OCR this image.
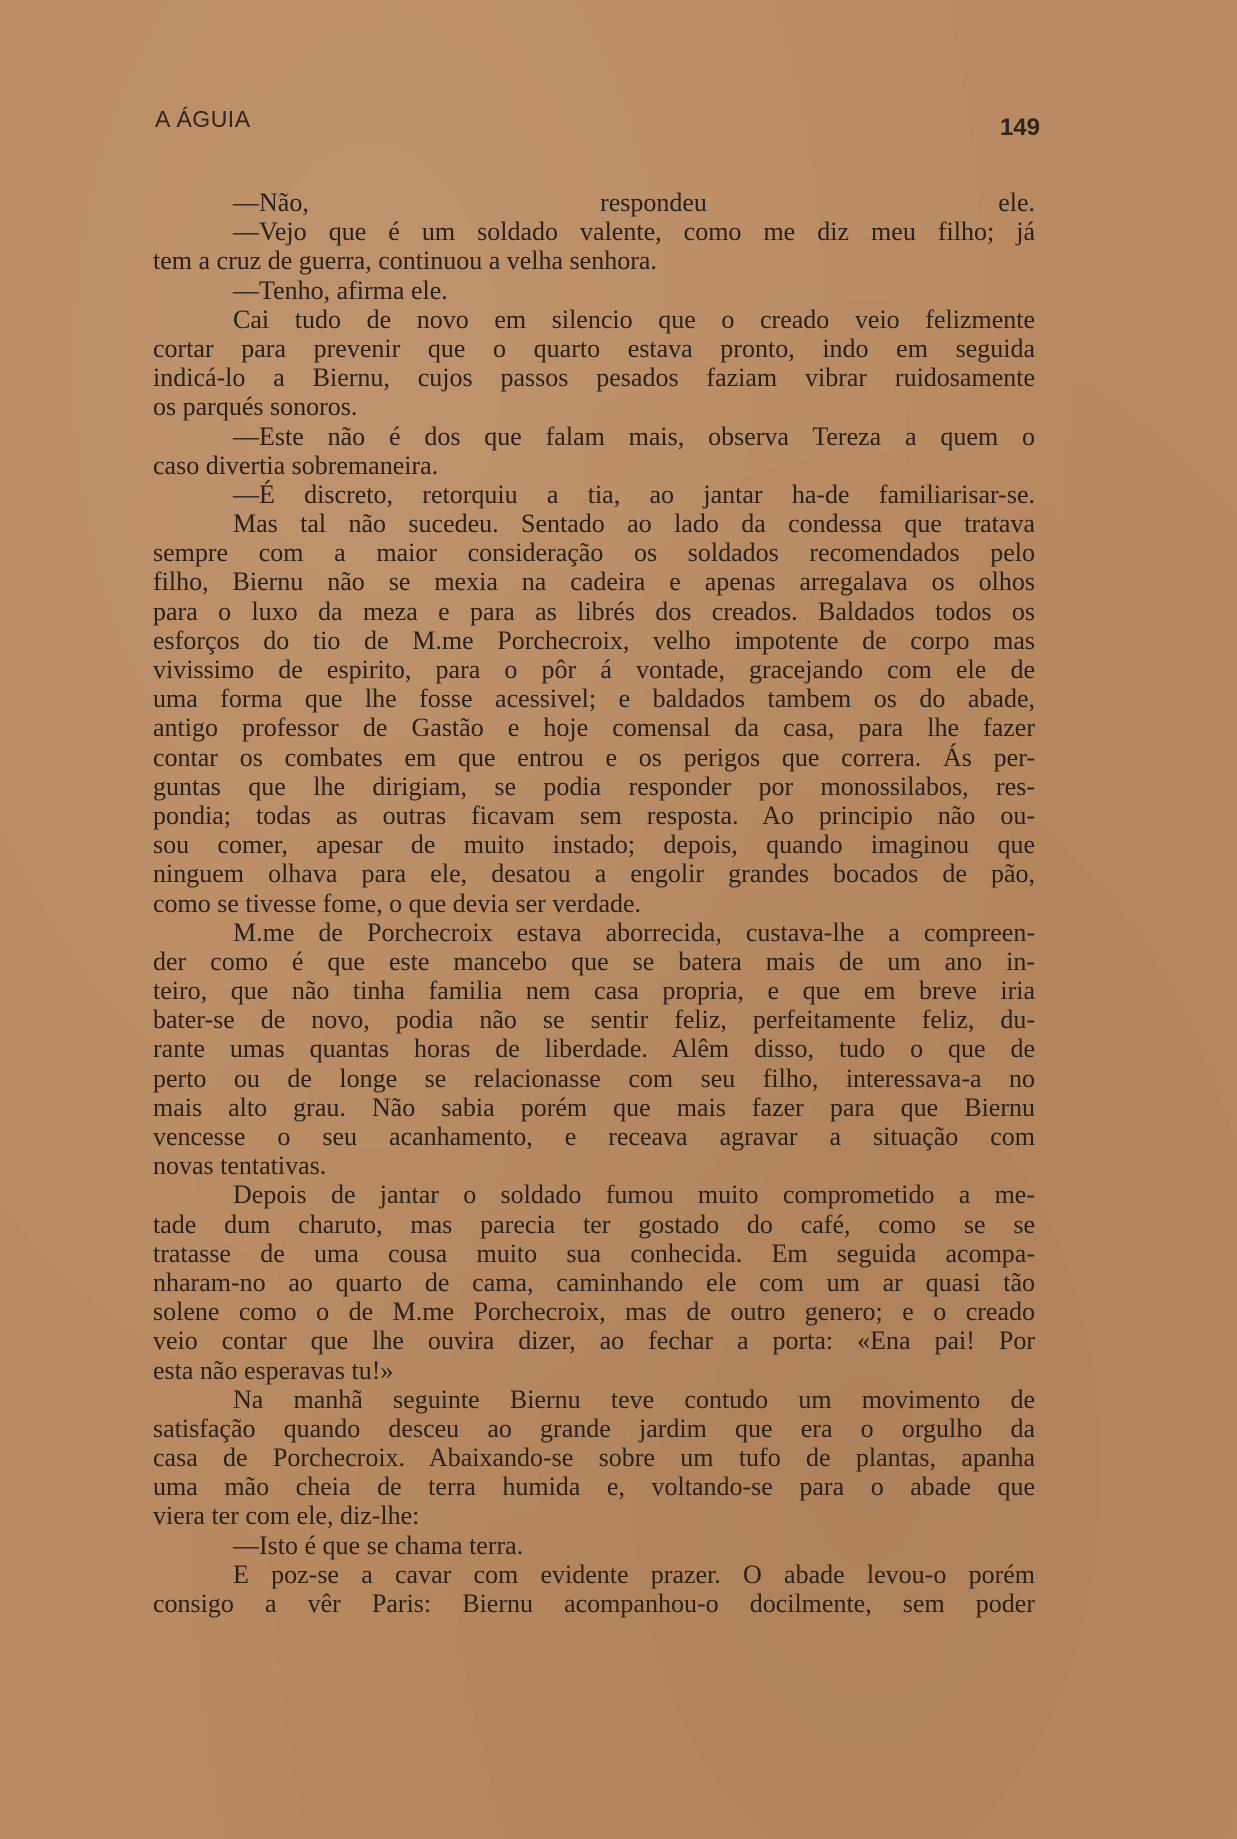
A ÁGUIA	149
—Não, respondeu ele.
—Vejo que é um soldado valente, como me diz meu filho; já
tem a cruz de guerra, continuou a velha senhora.
—Tenho, afirma ele.
Cai tudo de novo em silencio que o creado veio felizmente
cortar para prevenir que o quarto estava pronto, indo em seguida
indicá-lo a Biernu, cujos passos pesados faziam vibrar ruidosamente
os parqués sonoros.
—Este não é dos que falam mais, observa Tereza a quem o
caso divertia sobremaneira.
—É discreto, retorquiu a tia, ao jantar ha-de familiarisar-se.
Mas tal não sucedeu. Sentado ao lado da condessa que tratava
sempre com a maior consideração os soldados recomendados pelo
filho, Biernu não se mexia na cadeira e apenas arregalava os olhos
para o luxo da meza e para as librés dos creados. Baldados todos os
esforços do tio de M.me Porchecroix, velho impotente de corpo mas
vivissimo de espirito, para o pôr á vontade, gracejando com ele de
uma forma que lhe fosse acessivel; e baldados tambem os do abade,
antigo professor de Gastão e hoje comensal da casa, para lhe fazer
contar os combates em que entrou e os perigos que correra. Ás per-
guntas que lhe dirigiam, se podia responder por monossilabos, res-
pondia; todas as outras ficavam sem resposta. Ao principio não ou-
sou comer, apesar de muito instado; depois, quando imaginou que
ninguem olhava para ele, desatou a engolir grandes bocados de pão,
como se tivesse fome, o que devia ser verdade.
M.me de Porchecroix estava aborrecida, custava-lhe a compreen-
der como é que este mancebo que se batera mais de um ano in-
teiro, que não tinha familia nem casa propria, e que em breve iria
bater-se de novo, podia não se sentir feliz, perfeitamente feliz, du-
rante umas quantas horas de liberdade. Alêm disso, tudo o que de
perto ou de longe se relacionasse com seu filho, interessava-a no
mais alto grau. Não sabia porém que mais fazer para que Biernu
vencesse o seu acanhamento, e receava agravar a situação com
novas tentativas.
Depois de jantar o soldado fumou muito comprometido a me-
tade dum charuto, mas parecia ter gostado do café, como se se
tratasse de uma cousa muito sua conhecida. Em seguida acompa-
nharam-no ao quarto de cama, caminhando ele com um ar quasi tão
solene como o de M.me Porchecroix, mas de outro genero; e o creado
veio contar que lhe ouvira dizer, ao fechar a porta: «Ena pai! Por
esta não esperavas tu!»
Na manhã seguinte Biernu teve contudo um movimento de
satisfação quando desceu ao grande jardim que era o orgulho da
casa de Porchecroix. Abaixando-se sobre um tufo de plantas, apanha
uma mão cheia de terra humida e, voltando-se para o abade que
viera ter com ele, diz-lhe:
—Isto é que se chama terra.
E poz-se a cavar com evidente prazer. O abade levou-o porém
consigo a vêr Paris: Biernu acompanhou-o docilmente, sem poder
